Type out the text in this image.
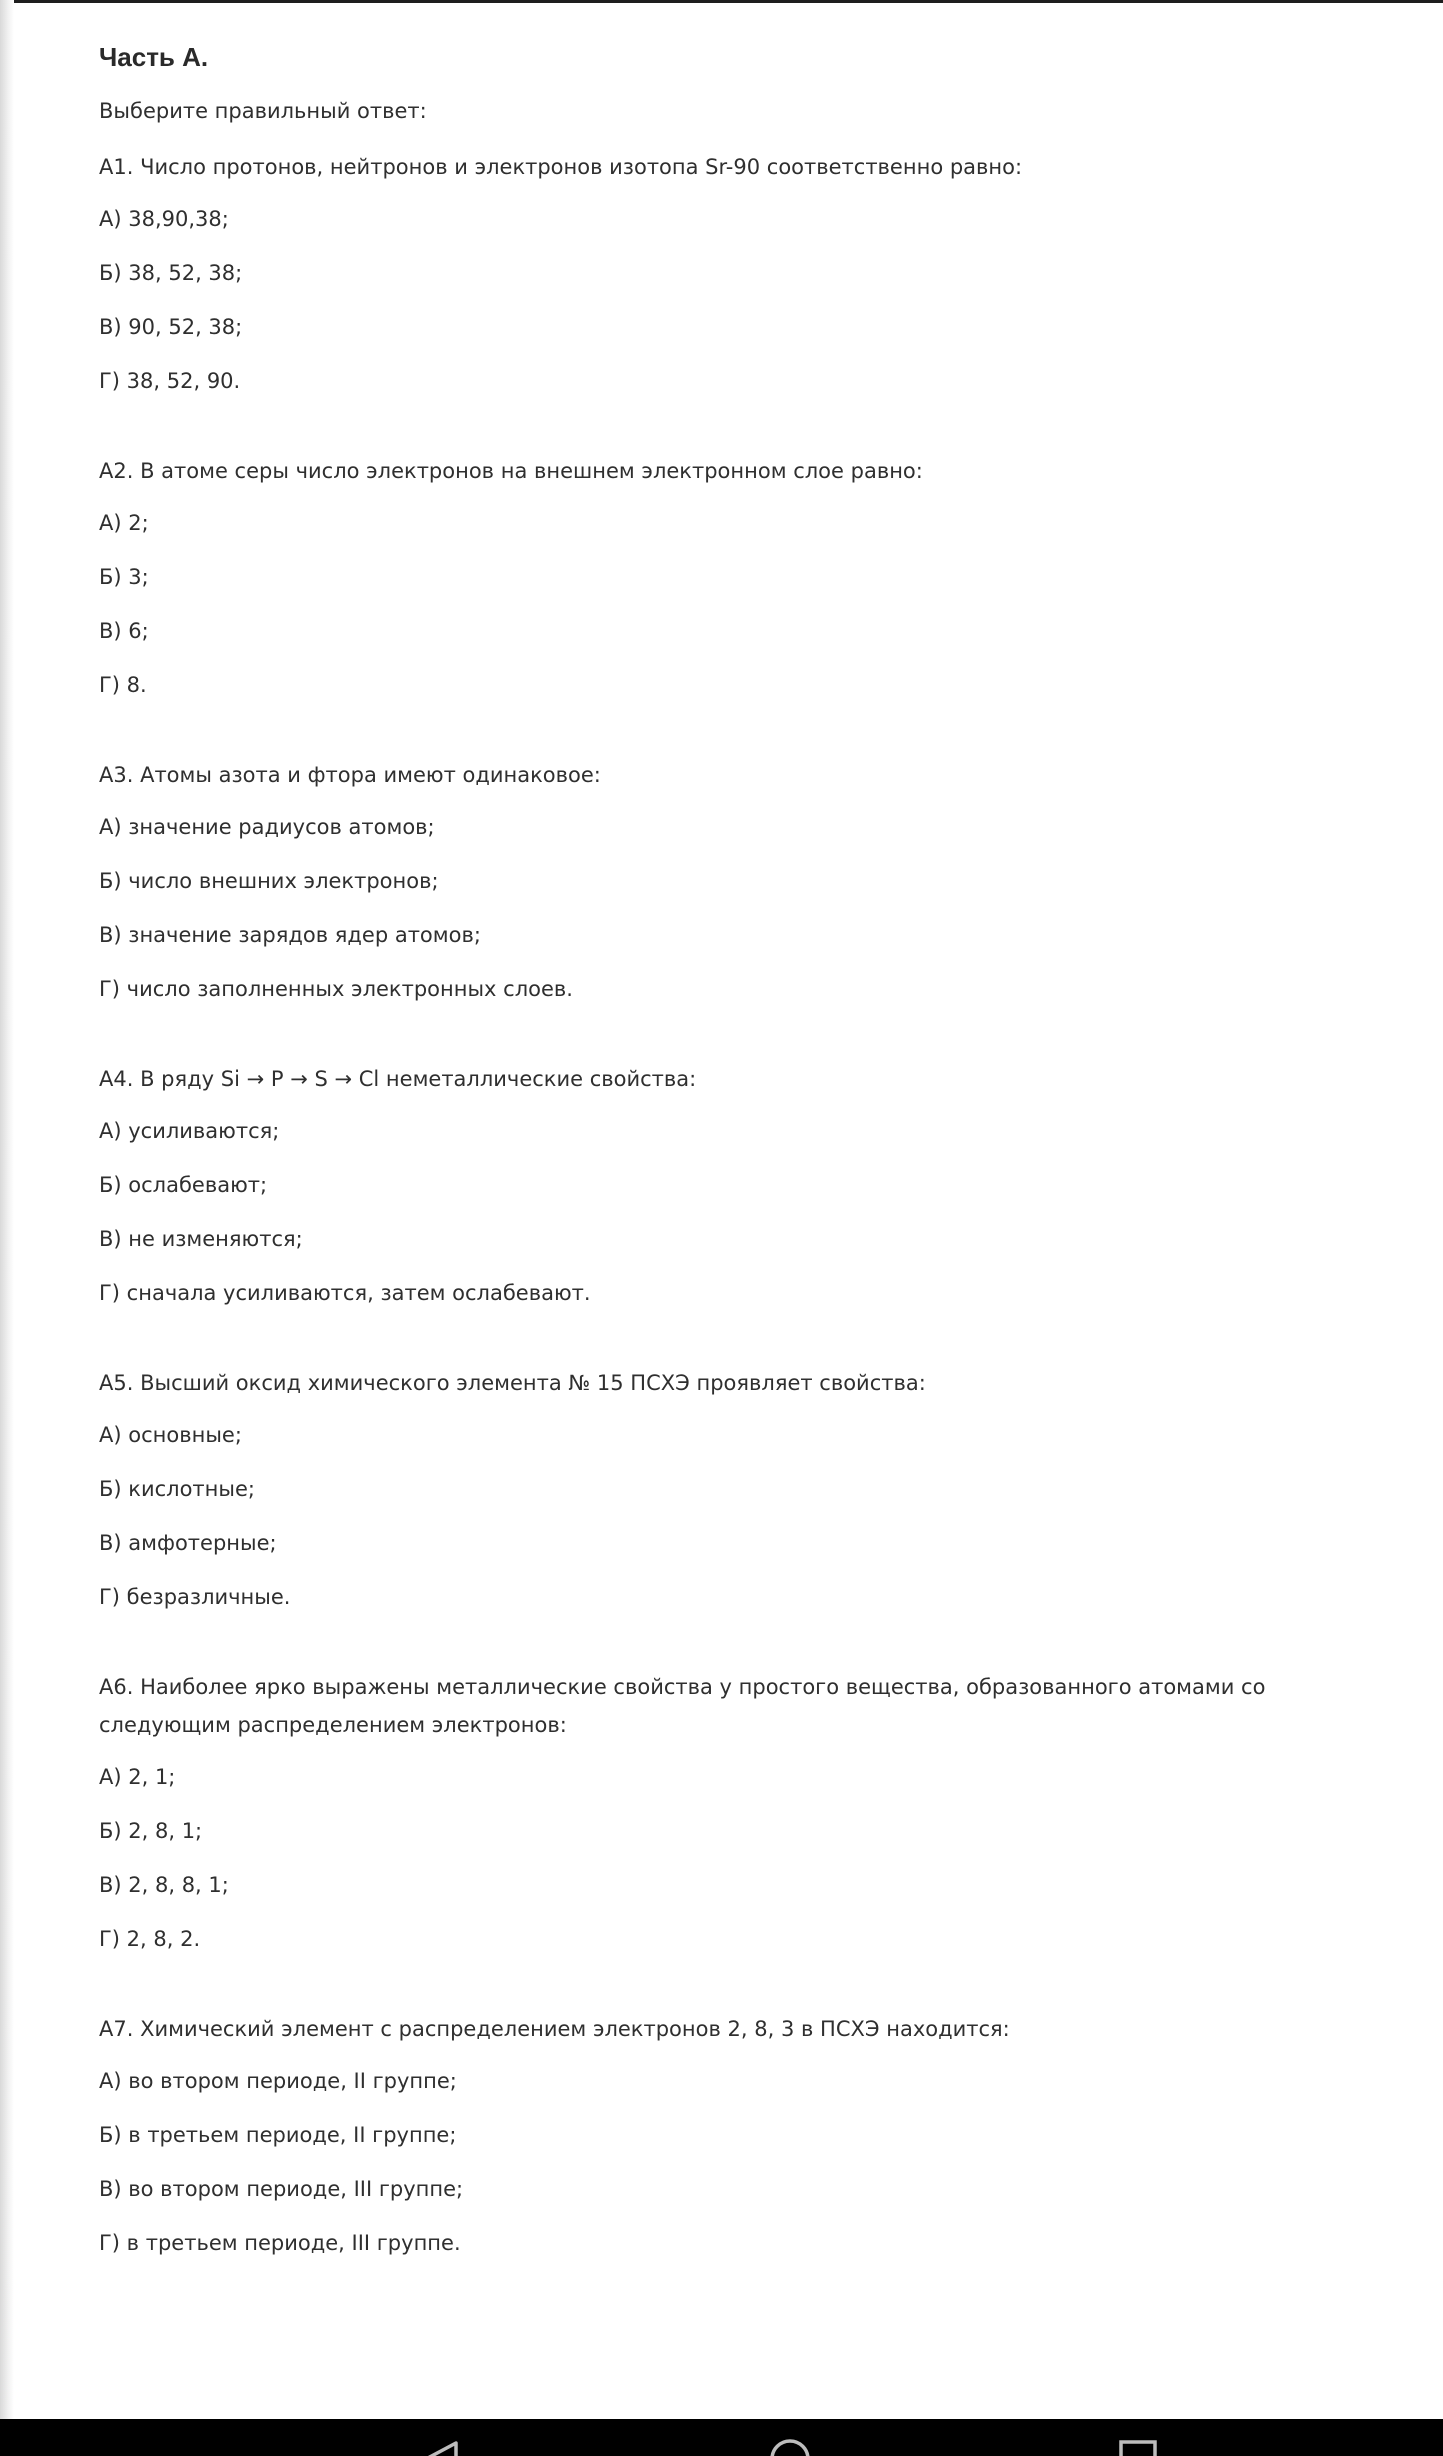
Часть А.
Выберите правильный ответ:
А1. Число протонов, нейтронов и электронов изотопа Sr-90 соответственно равно:
А) 38,90,38;
Б) 38, 52, 38;
В) 90, 52, 38;
Г) 38, 52, 90.
А2. В атоме серы число электронов на внешнем электронном слое равно:
А) 2;
Б) 3;
В) 6;
Г) 8.
А3. Атомы азота и фтора имеют одинаковое:
А) значение радиусов атомов;
Б) число внешних электронов;
В) значение зарядов ядер атомов;
Г) число заполненных электронных слоев.
А4. В ряду Si → P → S → Cl неметаллические свойства:
А) усиливаются;
Б) ослабевают;
В) не изменяются;
Г) сначала усиливаются, затем ослабевают.
А5. Высший оксид химического элемента № 15 ПСХЭ проявляет свойства:
А) основные;
Б) кислотные;
В) амфотерные;
Г) безразличные.
А6. Наиболее ярко выражены металлические свойства у простого вещества, образованного атомами со следующим распределением электронов:
А) 2, 1;
Б) 2, 8, 1;
В) 2, 8, 8, 1;
Г) 2, 8, 2.
А7. Химический элемент с распределением электронов 2, 8, 3 в ПСХЭ находится:
А) во втором периоде, II группе;
Б) в третьем периоде, II группе;
В) во втором периоде, III группе;
Г) в третьем периоде, III группе.
